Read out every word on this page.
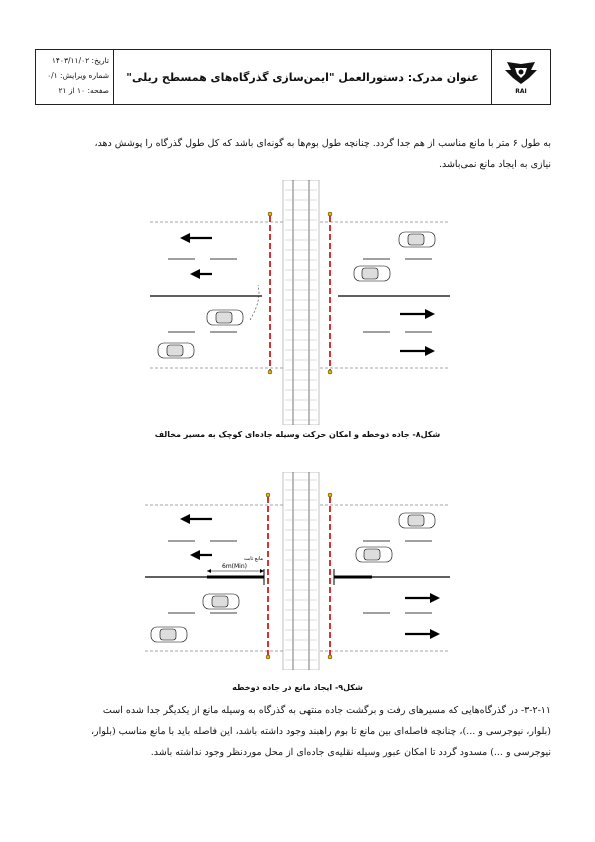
تاریخ: ۱۴۰۳/۱۱/۰۲
شماره ویرایش: ۰/۱
صفحه: ۱۰ از ۲۱
عنوان مدرک: دستورالعمل "ایمن‌سازی گذرگاه‌های همسطح ریلی"
RAI
به طول ۶ متر با مانع مناسب از هم جدا گردد. چنانچه طول بوم‌ها به گونه‌ای باشد که کل طول گذرگاه را پوشش دهد،
نیازی به ایجاد مانع نمی‌باشد.
شکل۸- جاده دوخطه و امکان حرکت وسیله جاده‌ای کوچک به مسیر مخالف
6m(Min)
مانع ثابت
شکل۹- ایجاد مانع در جاده دوخطه
۳-۲-۱۱- در گذرگاه‌هایی که مسیرهای رفت و برگشت جاده منتهی به گذرگاه به وسیله مانع از یکدیگر جدا شده است
(بلوار، نیوجرسی و ...)، چنانچه فاصله‌ای بین مانع تا بوم راهبند وجود داشته باشد، این فاصله باید با مانع مناسب (بلوار،
نیوجرسی و ...) مسدود گردد تا امکان عبور وسیله نقلیه‌ی جاده‌ای از محل موردنظر وجود نداشته باشد.
